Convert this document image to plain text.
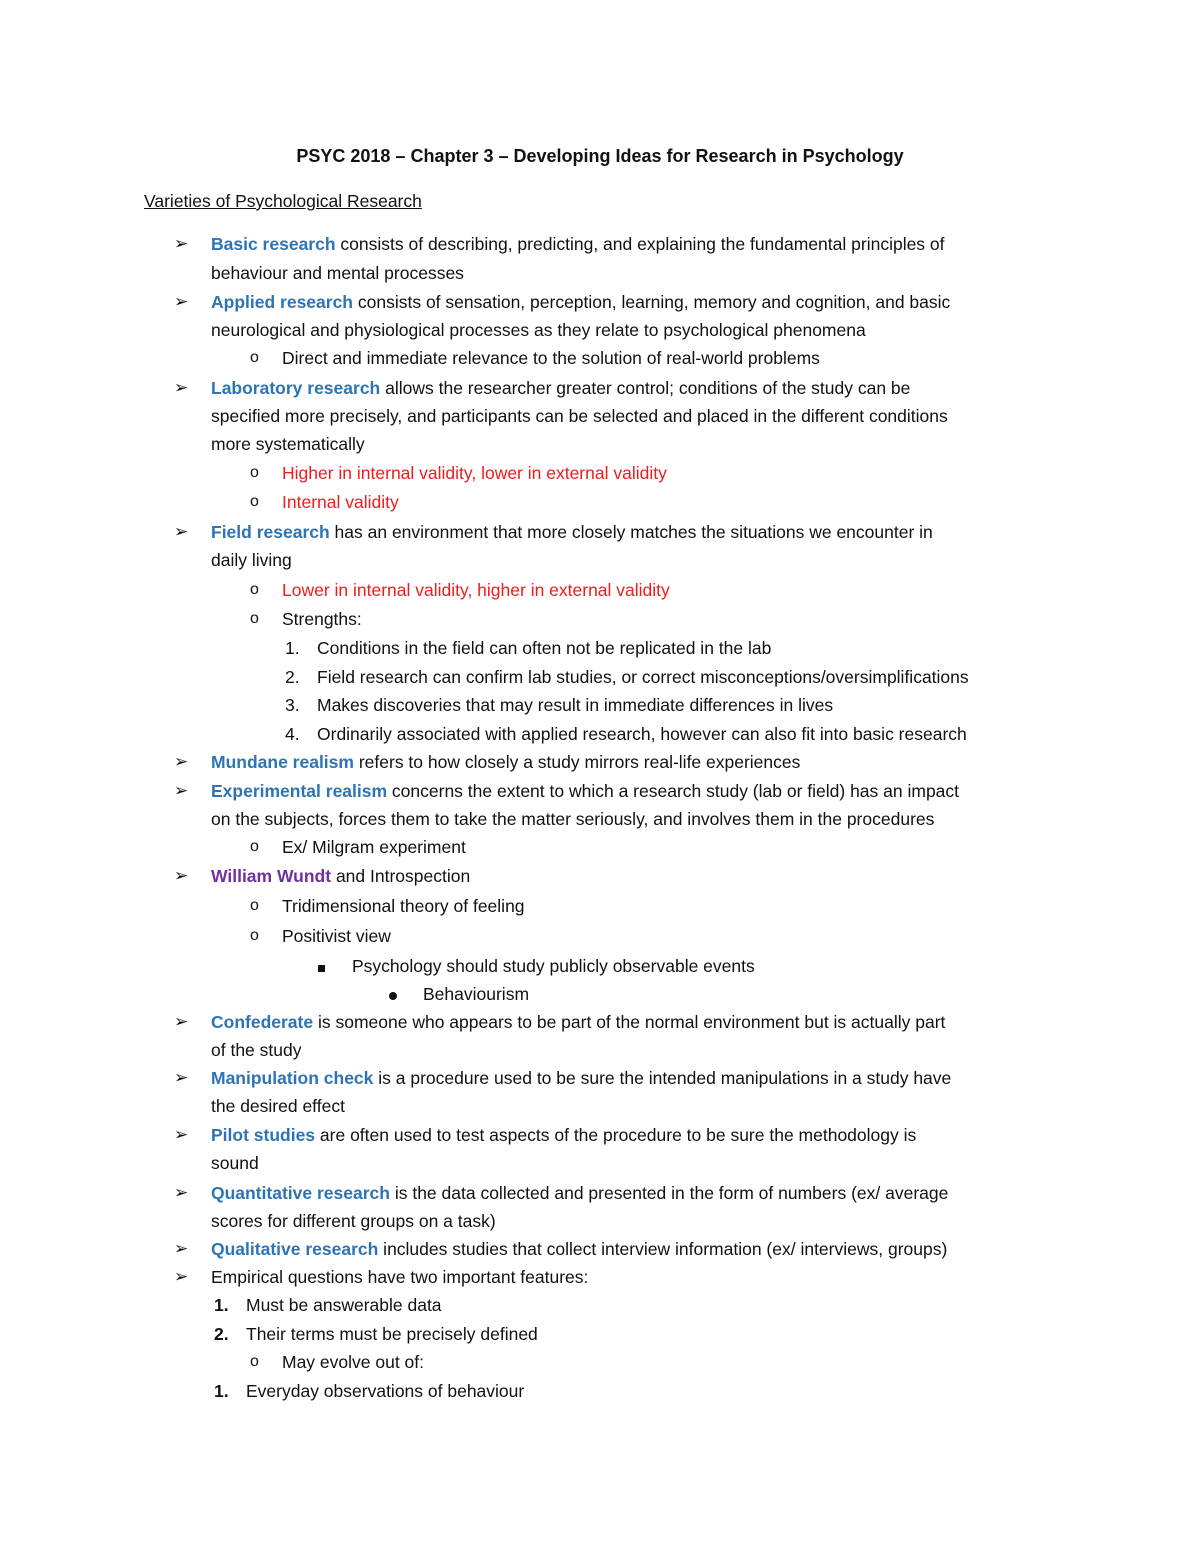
PSYC 2018 – Chapter 3 – Developing Ideas for Research in Psychology
Varieties of Psychological Research
➢ Basic research consists of describing, predicting, and explaining the fundamental principles of
behaviour and mental processes
➢ Applied research consists of sensation, perception, learning, memory and cognition, and basic
neurological and physiological processes as they relate to psychological phenomena
o Direct and immediate relevance to the solution of real-world problems
➢ Laboratory research allows the researcher greater control; conditions of the study can be
specified more precisely, and participants can be selected and placed in the different conditions
more systematically
o Higher in internal validity, lower in external validity
o Internal validity
➢ Field research has an environment that more closely matches the situations we encounter in
daily living
o Lower in internal validity, higher in external validity
o Strengths:
1. Conditions in the field can often not be replicated in the lab
2. Field research can confirm lab studies, or correct misconceptions/oversimplifications
3. Makes discoveries that may result in immediate differences in lives
4. Ordinarily associated with applied research, however can also fit into basic research
➢ Mundane realism refers to how closely a study mirrors real-life experiences
➢ Experimental realism concerns the extent to which a research study (lab or field) has an impact
on the subjects, forces them to take the matter seriously, and involves them in the procedures
o Ex/ Milgram experiment
➢ William Wundt and Introspection
o Tridimensional theory of feeling
o Positivist view
Psychology should study publicly observable events
Behaviourism
➢ Confederate is someone who appears to be part of the normal environment but is actually part
of the study
➢ Manipulation check is a procedure used to be sure the intended manipulations in a study have
the desired effect
➢ Pilot studies are often used to test aspects of the procedure to be sure the methodology is
sound
➢ Quantitative research is the data collected and presented in the form of numbers (ex/ average
scores for different groups on a task)
➢ Qualitative research includes studies that collect interview information (ex/ interviews, groups)
➢ Empirical questions have two important features:
1. Must be answerable data
2. Their terms must be precisely defined
o May evolve out of:
1. Everyday observations of behaviour
